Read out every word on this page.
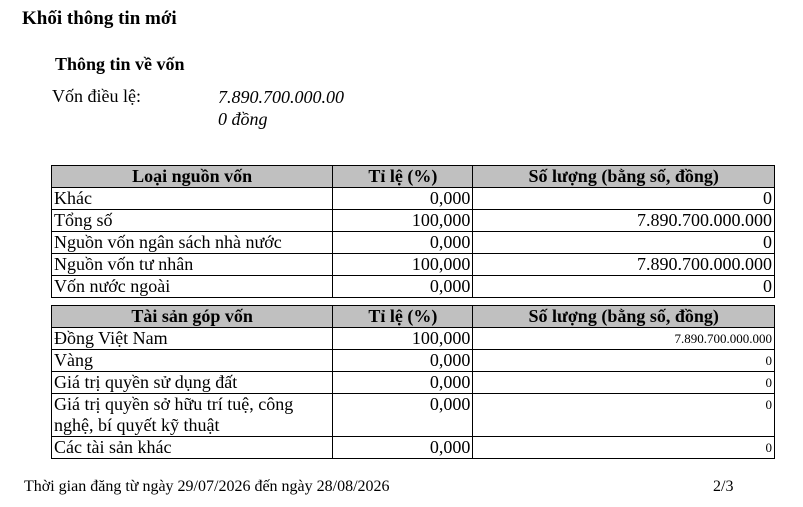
Khối thông tin mới
Thông tin về vốn
Vốn điều lệ:	7.890.700.000.00
0 đồng
Loại nguồn vốn	Tỉ lệ (%)	Số lượng (bằng số, đồng)
Khác	0,000	0
Tổng số	100,000	7.890.700.000.000
Nguồn vốn ngân sách nhà nước	0,000	0
Nguồn vốn tư nhân	100,000	7.890.700.000.000
Vốn nước ngoài	0,000	0
Tài sản góp vốn	Tỉ lệ (%)	Số lượng (bằng số, đồng)
Đồng Việt Nam	100,000	7.890.700.000.000
Vàng	0,000	0
Giá trị quyền sử dụng đất	0,000	0
Giá trị quyền sở hữu trí tuệ, công nghệ, bí quyết kỹ thuật	0,000	0
Các tài sản khác	0,000	0
Thời gian đăng từ ngày 29/07/2026 đến ngày 28/08/2026	2/3
